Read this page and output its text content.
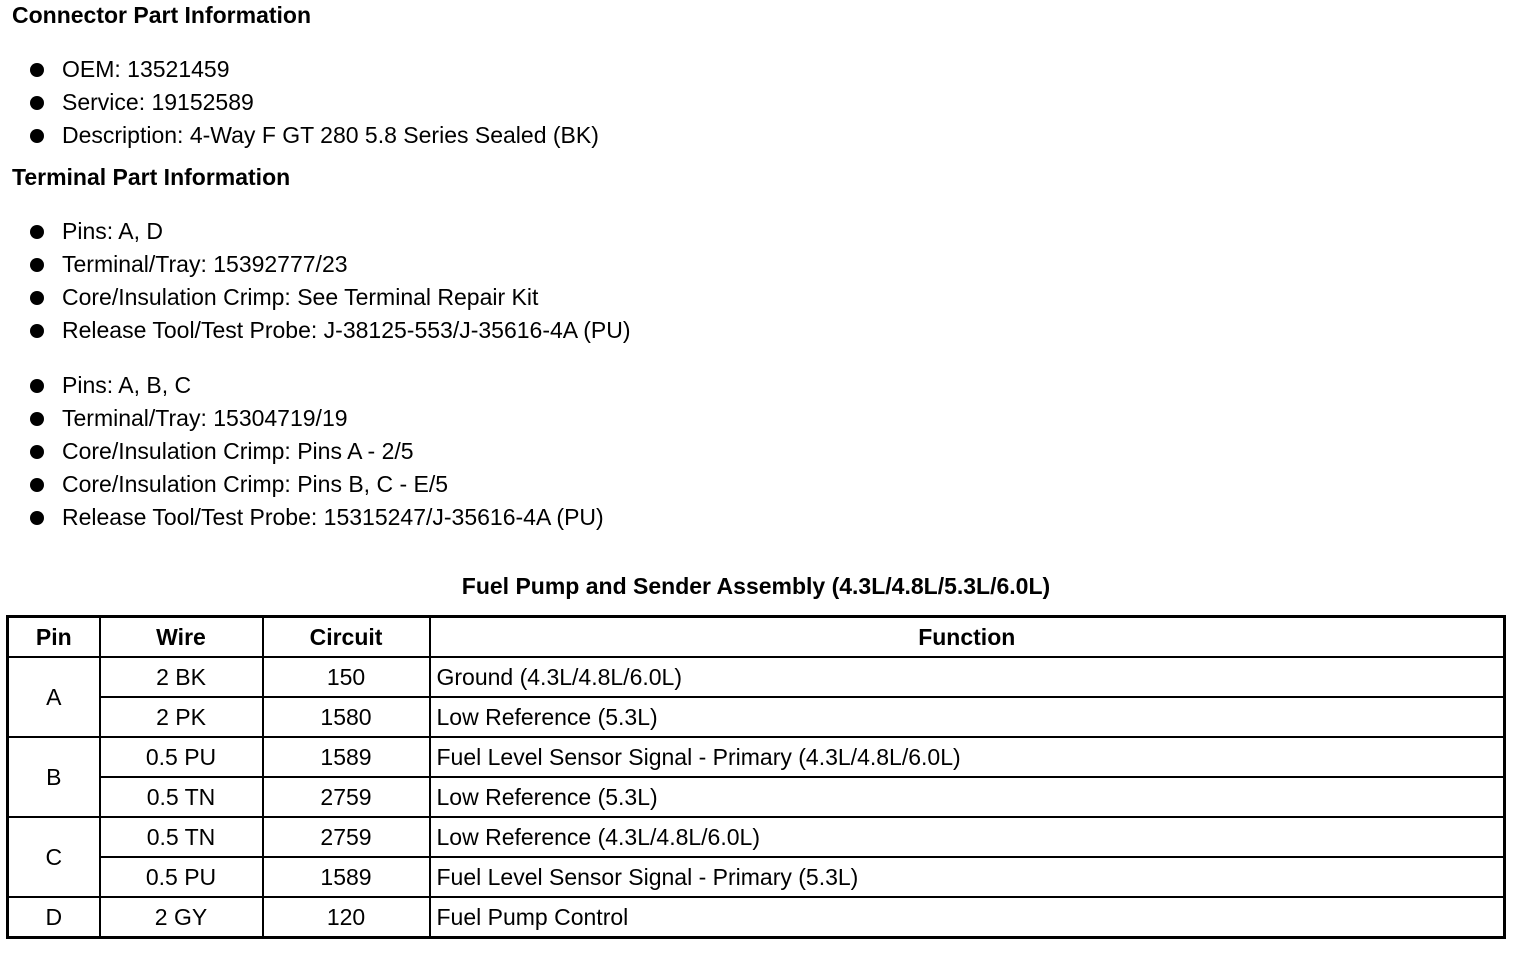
Connector Part Information
OEM: 13521459
Service: 19152589
Description: 4-Way F GT 280 5.8 Series Sealed (BK)
Terminal Part Information
Pins: A, D
Terminal/Tray: 15392777/23
Core/Insulation Crimp: See Terminal Repair Kit
Release Tool/Test Probe: J-38125-553/J-35616-4A (PU)
Pins: A, B, C
Terminal/Tray: 15304719/19
Core/Insulation Crimp: Pins A - 2/5
Core/Insulation Crimp: Pins B, C - E/5
Release Tool/Test Probe: 15315247/J-35616-4A (PU)
Fuel Pump and Sender Assembly (4.3L/4.8L/5.3L/6.0L)
Pin	Wire	Circuit	Function
A	2 BK	150	Ground (4.3L/4.8L/6.0L)
	2 PK	1580	Low Reference (5.3L)
B	0.5 PU	1589	Fuel Level Sensor Signal - Primary (4.3L/4.8L/6.0L)
	0.5 TN	2759	Low Reference (5.3L)
C	0.5 TN	2759	Low Reference (4.3L/4.8L/6.0L)
	0.5 PU	1589	Fuel Level Sensor Signal - Primary (5.3L)
D	2 GY	120	Fuel Pump Control
